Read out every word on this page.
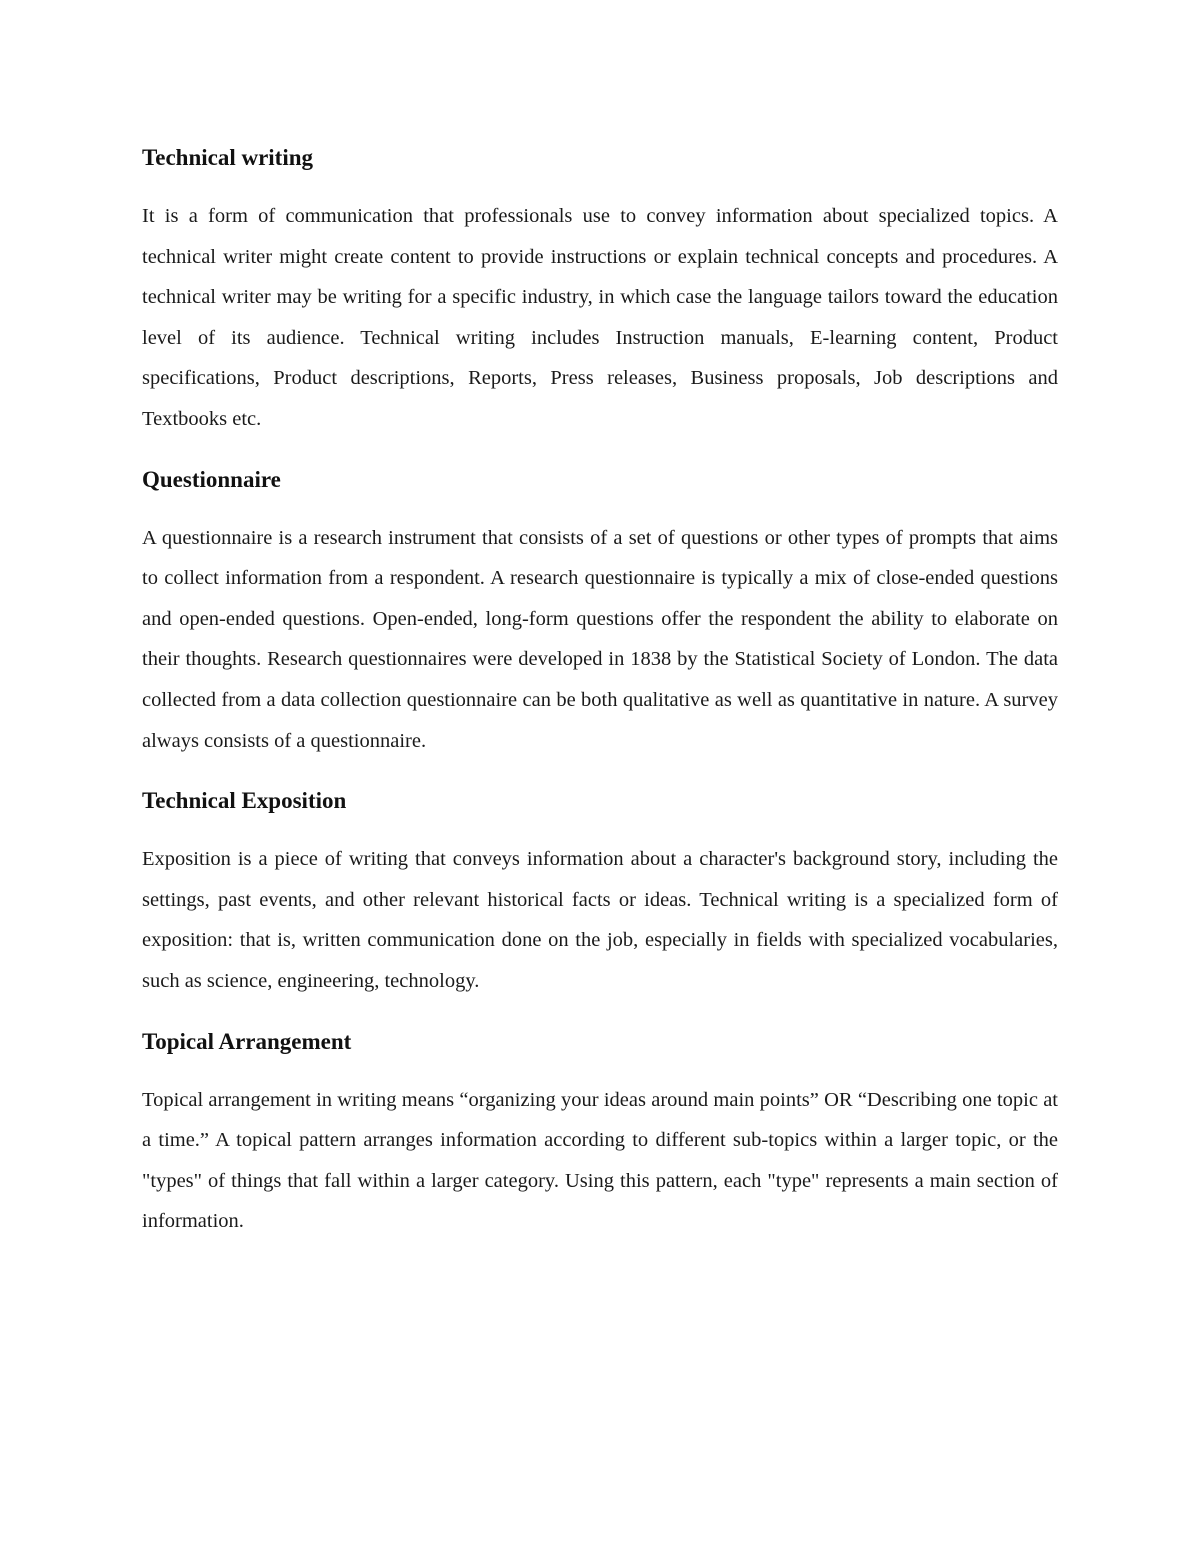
Technical writing

It is a form of communication that professionals use to convey information about specialized topics. A technical writer might create content to provide instructions or explain technical concepts and procedures. A technical writer may be writing for a specific industry, in which case the language tailors toward the education level of its audience. Technical writing includes Instruction manuals, E-learning content, Product specifications, Product descriptions, Reports, Press releases, Business proposals, Job descriptions and Textbooks etc.

Questionnaire

A questionnaire is a research instrument that consists of a set of questions or other types of prompts that aims to collect information from a respondent. A research questionnaire is typically a mix of close-ended questions and open-ended questions. Open-ended, long-form questions offer the respondent the ability to elaborate on their thoughts. Research questionnaires were developed in 1838 by the Statistical Society of London. The data collected from a data collection questionnaire can be both qualitative as well as quantitative in nature. A survey always consists of a questionnaire.

Technical Exposition

Exposition is a piece of writing that conveys information about a character's background story, including the settings, past events, and other relevant historical facts or ideas. Technical writing is a specialized form of exposition: that is, written communication done on the job, especially in fields with specialized vocabularies, such as science, engineering, technology.

Topical Arrangement

Topical arrangement in writing means “organizing your ideas around main points” OR “Describing one topic at a time.” A topical pattern arranges information according to different sub-topics within a larger topic, or the "types" of things that fall within a larger category. Using this pattern, each "type" represents a main section of information.
